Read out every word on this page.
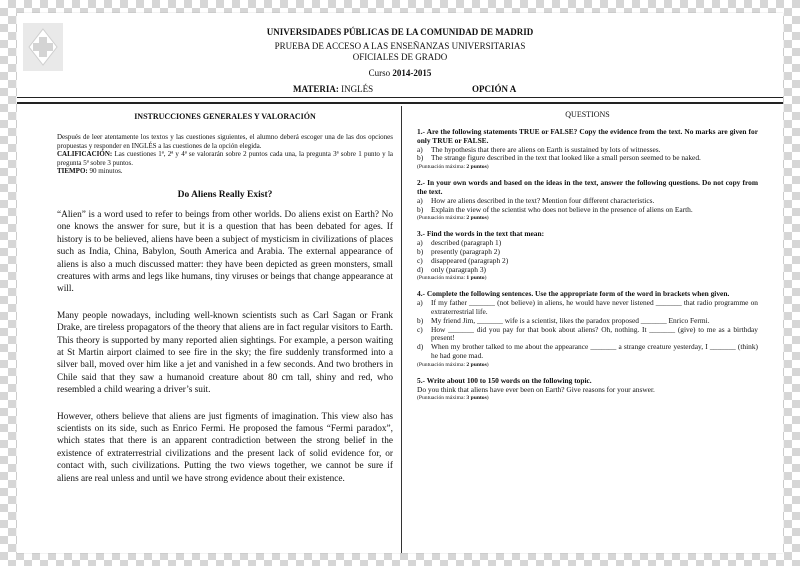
UNIVERSIDADES PÚBLICAS DE LA COMUNIDAD DE MADRID
PRUEBA DE ACCESO A LAS ENSEÑANZAS UNIVERSITARIAS
OFICIALES DE GRADO
Curso 2014-2015
MATERIA: INGLÉS	OPCIÓN A
INSTRUCCIONES GENERALES Y VALORACIÓN

Después de leer atentamente los textos y las cuestiones siguientes, el alumno deberá escoger una de las dos opciones propuestas y responder en INGLÉS a las cuestiones de la opción elegida.

CALIFICACIÓN: Las cuestiones 1ª, 2ª y 4ª se valorarán sobre 2 puntos cada una, la pregunta 3ª sobre 1 punto y la pregunta 5ª sobre 3 puntos.

TIEMPO: 90 minutos.

Do Aliens Really Exist?

“Alien” is a word used to refer to beings from other worlds. Do aliens exist on Earth? No one knows the answer for sure, but it is a question that has been debated for ages. If history is to be believed, aliens have been a subject of mysticism in civilizations of places such as India, China, Babylon, South America and Arabia. The external appearance of aliens is also a much discussed matter: they have been depicted as green monsters, small creatures with arms and legs like humans, tiny viruses or beings that change appearance at will.

Many people nowadays, including well-known scientists such as Carl Sagan or Frank Drake, are tireless propagators of the theory that aliens are in fact regular visitors to Earth. This theory is supported by many reported alien sightings. For example, a person waiting at St Martin airport claimed to see fire in the sky; the fire suddenly transformed into a silver ball, moved over him like a jet and vanished in a few seconds. And two brothers in Chile said that they saw a humanoid creature about 80 cm tall, shiny and red, who resembled a child wearing a driver’s suit.

However, others believe that aliens are just figments of imagination. This view also has scientists on its side, such as Enrico Fermi. He proposed the famous “Fermi paradox”, which states that there is an apparent contradiction between the strong belief in the existence of extraterrestrial civilizations and the present lack of solid evidence for, or contact with, such civilizations. Putting the two views together, we cannot be sure if aliens are real unless and until we have strong evidence about their existence.

QUESTIONS
1.- Are the following statements TRUE or FALSE? Copy the evidence from the text. No marks are given for only TRUE or FALSE.
a)	The hypothesis that there are aliens on Earth is sustained by lots of witnesses.
b)	The strange figure described in the text that looked like a small person seemed to be naked.
(Puntuación máxima: 2 puntos)
2.- In your own words and based on the ideas in the text, answer the following questions. Do not copy from the text.
a)	How are aliens described in the text? Mention four different characteristics.
b)	Explain the view of the scientist who does not believe in the presence of aliens on Earth.
(Puntuación máxima: 2 puntos)
3.- Find the words in the text that mean:
a)	described (paragraph 1)
b)	presently (paragraph 2)
c)	disappeared (paragraph 2)
d)	only (paragraph 3)
(Puntuación máxima: 1 punto)
4.- Complete the following sentences. Use the appropriate form of the word in brackets when given.
a)	If my father _______ (not believe) in aliens, he would have never listened _______ that radio programme on extraterrestrial life.
b)	My friend Jim, _______ wife is a scientist, likes the paradox proposed _______ Enrico Fermi.
c)	How _______ did you pay for that book about aliens? Oh, nothing. It _______ (give) to me as a birthday present!
d)	When my brother talked to me about the appearance _______ a strange creature yesterday, I _______ (think) he had gone mad.
(Puntuación máxima: 2 puntos)
5.- Write about 100 to 150 words on the following topic.
Do you think that aliens have ever been on Earth? Give reasons for your answer.
(Puntuación máxima: 3 puntos)
